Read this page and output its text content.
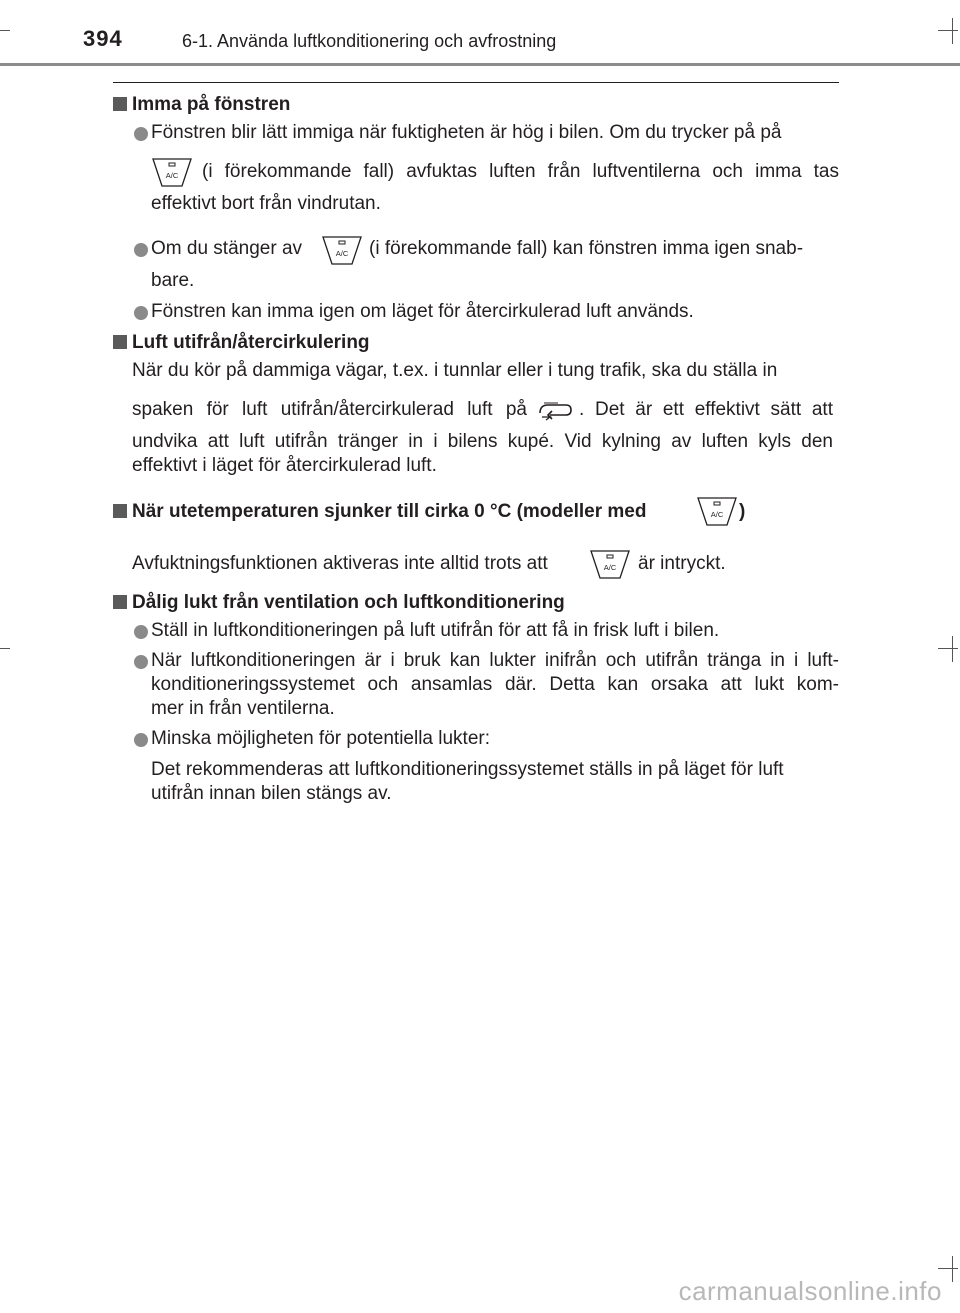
394	6-1. Använda luftkonditionering och avfrostning
Imma på fönstren
Fönstren blir lätt immiga när fuktigheten är hög i bilen. Om du trycker på på
A/C (i förekommande fall) avfuktas luften från luftventilerna och imma tas
effektivt bort från vindrutan.
Om du stänger av	A/C (i förekommande fall) kan fönstren imma igen snab-
bare.
Fönstren kan imma igen om läget för återcirkulerad luft används.
Luft utifrån/återcirkulering
När du kör på dammiga vägar, t.ex. i tunnlar eller i tung trafik, ska du ställa in
spaken för luft utifrån/återcirkulerad luft på	. Det är ett effektivt sätt att
undvika att luft utifrån tränger in i bilens kupé. Vid kylning av luften kyls den
effektivt i läget för återcirkulerad luft.
När utetemperaturen sjunker till cirka 0 °C (modeller med	A/C )
Avfuktningsfunktionen aktiveras inte alltid trots att	A/C är intryckt.
Dålig lukt från ventilation och luftkonditionering
Ställ in luftkonditioneringen på luft utifrån för att få in frisk luft i bilen.
När luftkonditioneringen är i bruk kan lukter inifrån och utifrån tränga in i luft-
konditioneringssystemet och ansamlas där. Detta kan orsaka att lukt kom-
mer in från ventilerna.
Minska möjligheten för potentiella lukter:
Det rekommenderas att luftkonditioneringssystemet ställs in på läget för luft
utifrån innan bilen stängs av.
carmanualsonline.info
